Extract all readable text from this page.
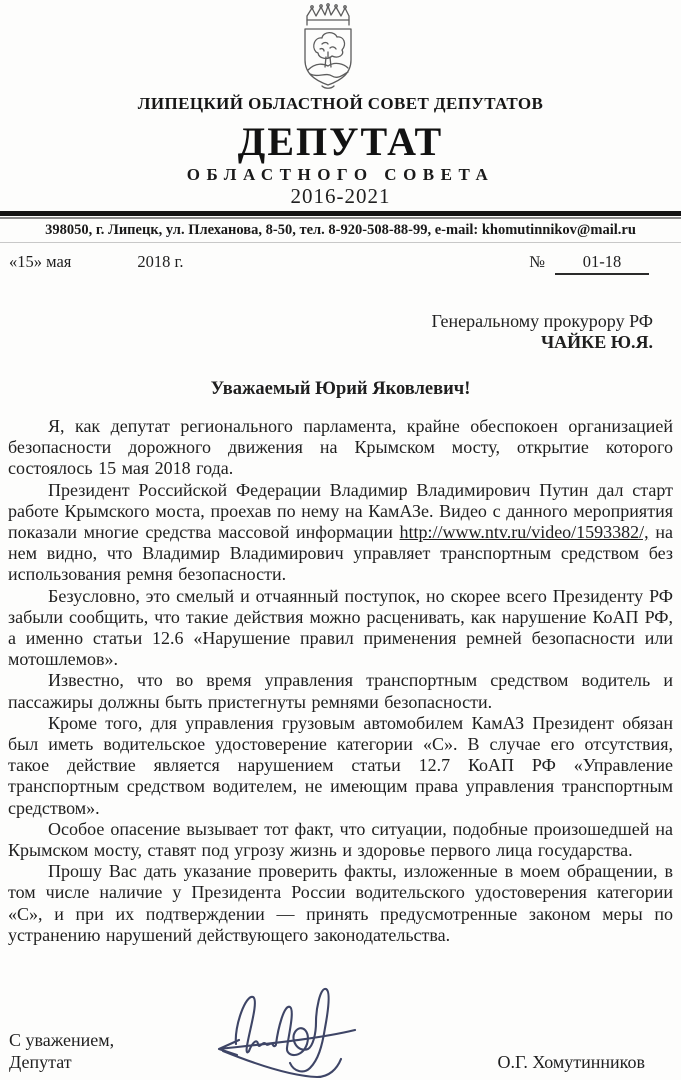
ЛИПЕЦКИЙ ОБЛАСТНОЙ СОВЕТ ДЕПУТАТОВ
ДЕПУТАТ
ОБЛАСТНОГО СОВЕТА
2016-2021
398050, г. Липецк, ул. Плеханова, 8-50, тел. 8-920-508-88-99, e-mail: khomutinnikov@mail.ru
«15» мая	2018 г.	№	01-18
Генеральному прокурору РФ
ЧАЙКЕ Ю.Я.
Уважаемый Юрий Яковлевич!

Я, как депутат регионального парламента, крайне обеспокоен организацией безопасности дорожного движения на Крымском мосту, открытие которого состоялось 15 мая 2018 года.

Президент Российской Федерации Владимир Владимирович Путин дал старт работе Крымского моста, проехав по нему на КамАЗе. Видео с данного мероприятия показали многие средства массовой информации http://www.ntv.ru/video/1593382/, на нем видно, что Владимир Владимирович управляет транспортным средством без использования ремня безопасности.

Безусловно, это смелый и отчаянный поступок, но скорее всего Президенту РФ забыли сообщить, что такие действия можно расценивать, как нарушение КоАП РФ, а именно статьи 12.6 «Нарушение правил применения ремней безопасности или мотошлемов».

Известно, что во время управления транспортным средством водитель и пассажиры должны быть пристегнуты ремнями безопасности.

Кроме того, для управления грузовым автомобилем КамАЗ Президент обязан был иметь водительское удостоверение категории «С». В случае его отсутствия, такое действие является нарушением статьи 12.7 КоАП РФ «Управление транспортным средством водителем, не имеющим права управления транспортным средством».

Особое опасение вызывает тот факт, что ситуации, подобные произошедшей на Крымском мосту, ставят под угрозу жизнь и здоровье первого лица государства.

Прошу Вас дать указание проверить факты, изложенные в моем обращении, в том числе наличие у Президента России водительского удостоверения категории «С», и при их подтверждении — принять предусмотренные законом меры по устранению нарушений действующего законодательства.

С уважением,
Депутат	О.Г. Хомутинников
